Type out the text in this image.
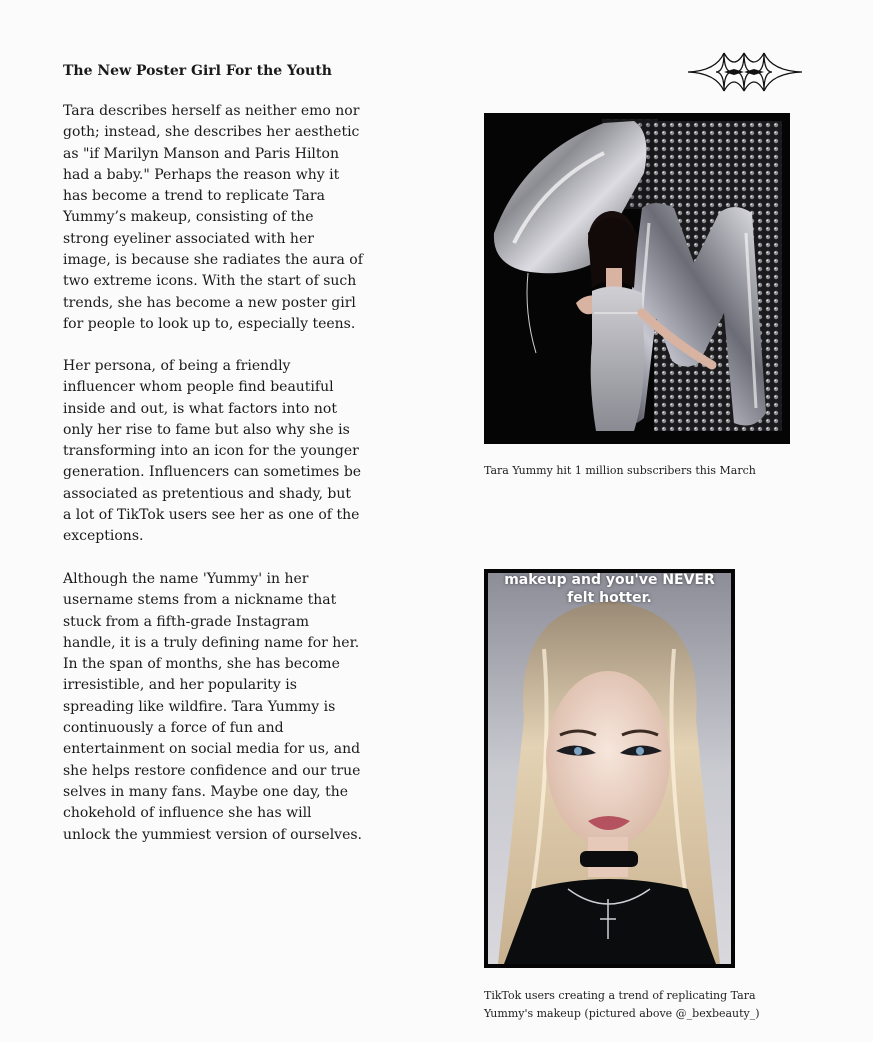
The New Poster Girl For the Youth

Tara describes herself as neither emo nor goth; instead, she describes her aesthetic as "if Marilyn Manson and Paris Hilton had a baby." Perhaps the reason why it has become a trend to replicate Tara Yummy’s makeup, consisting of the strong eyeliner associated with her image, is because she radiates the aura of two extreme icons. With the start of such trends, she has become a new poster girl for people to look up to, especially teens.

Her persona, of being a friendly influencer whom people find beautiful inside and out, is what factors into not only her rise to fame but also why she is transforming into an icon for the younger generation. Influencers can sometimes be associated as pretentious and shady, but a lot of TikTok users see her as one of the exceptions.

Although the name 'Yummy' in her username stems from a nickname that stuck from a fifth-grade Instagram handle, it is a truly defining name for her. In the span of months, she has become irresistible, and her popularity is spreading like wildfire. Tara Yummy is continuously a force of fun and entertainment on social media for us, and she helps restore confidence and our true selves in many fans. Maybe one day, the chokehold of influence she has will unlock the yummiest version of ourselves.

Tara Yummy hit 1 million subscribers this March
makeup and you've NEVER
felt hotter.
TikTok users creating a trend of replicating Tara Yummy's makeup (pictured above @_bexbeauty_)
